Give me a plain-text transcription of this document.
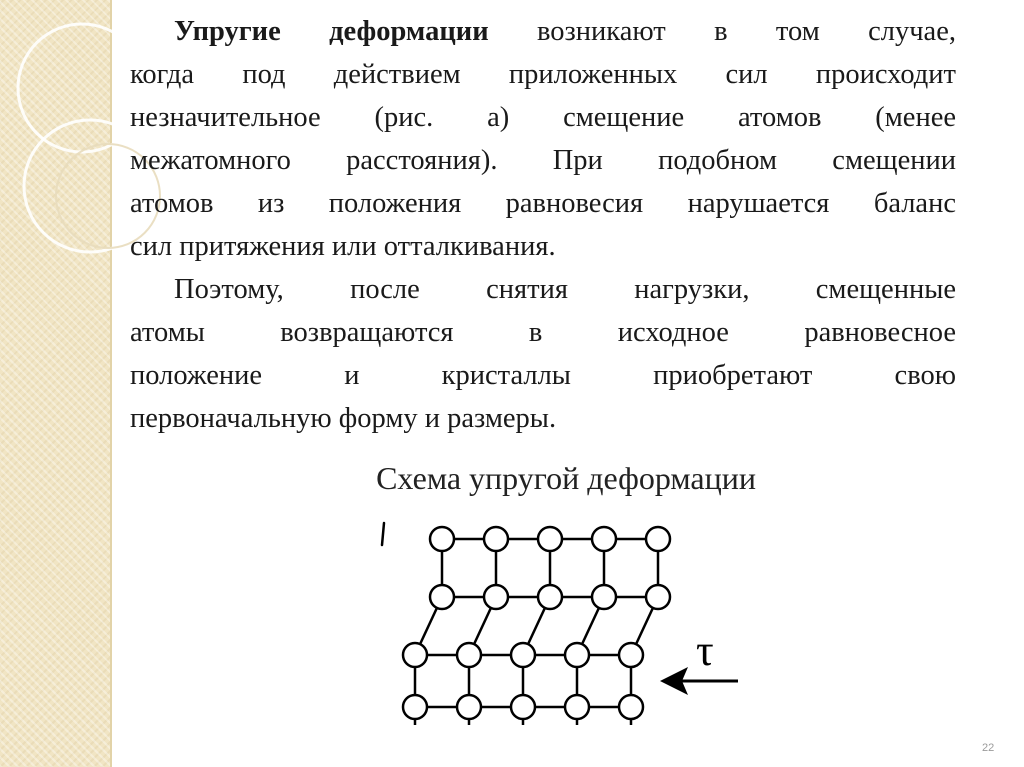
Упругие деформации возникают в том случае,

когда под действием приложенных сил происходит
незначительное (рис. а) смещение атомов (менее
межатомного расстояния). При подобном смещении
атомов из положения равновесия нарушается баланс
сил притяжения или отталкивания.

Поэтому, после снятия нагрузки, смещенные

атомы возвращаются в исходное равновесное
положение и кристаллы приобретают свою
первоначальную форму и размеры.

Схема упругой деформации
τ
22
